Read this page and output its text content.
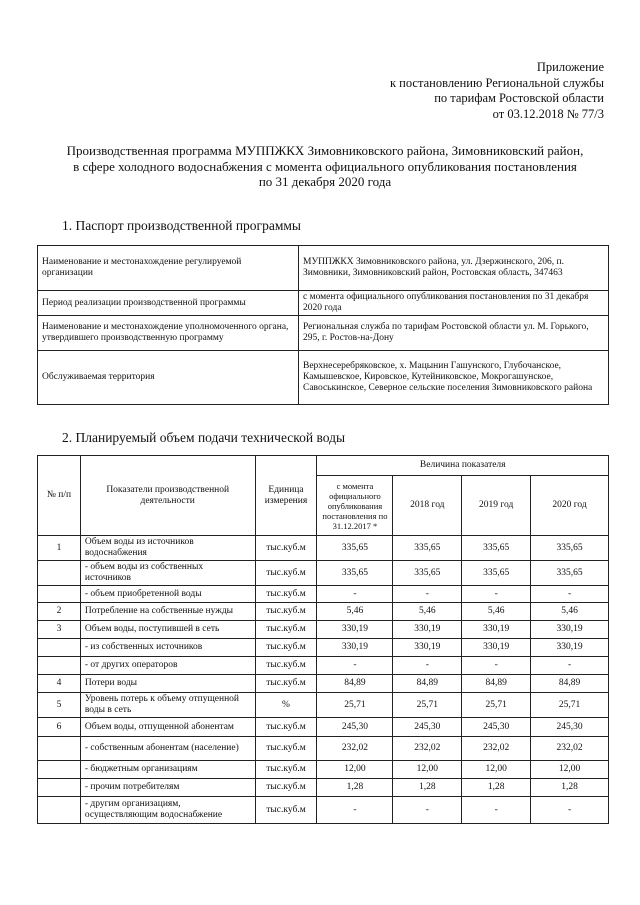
Приложение
к постановлению Региональной службы
по тарифам Ростовской области
от 03.12.2018 № 77/3
Производственная программа МУППЖКХ Зимовниковского района, Зимовниковский район,
в сфере холодного водоснабжения с момента официального опубликования постановления
по 31 декабря 2020 года
1. Паспорт производственной программы
Наименование и местонахождение регулируемой организации	МУППЖКХ Зимовниковского района, ул. Дзержинского, 206, п. Зимовники, Зимовниковский район, Ростовская область, 347463
Период реализации производственной программы	с момента официального опубликования постановления по 31 декабря 2020 года
Наименование и местонахождение уполномоченного органа, утвердившего производственную программу	Региональная служба по тарифам Ростовской области ул. М. Горького, 295, г. Ростов-на-Дону
Обслуживаемая территория	Верхнесеребряковское, х. Мацынин Гашунского, Глубочанское, Камышевское, Кировское, Кутейниковское, Мокрогашунское, Савоськинское, Северное сельские поселения Зимовниковского района
2. Планируемый объем подачи технической воды
№ п/п	Показатели производственной деятельности	Единица измерения	Величина показателя			
			с момента официального опубликования постановления по 31.12.2017 *	2018 год	2019 год	2020 год
1	Объем воды из источников водоснабжения	тыс.куб.м	335,65	335,65	335,65	335,65
	- объем воды из собственных источников	тыс.куб.м	335,65	335,65	335,65	335,65
	- объем приобретенной воды	тыс.куб.м	-	-	-	-
2	Потребление на собственные нужды	тыс.куб.м	5,46	5,46	5,46	5,46
3	Объем воды, поступившей в сеть	тыс.куб.м	330,19	330,19	330,19	330,19
	- из собственных источников	тыс.куб.м	330,19	330,19	330,19	330,19
	- от других операторов	тыс.куб.м	-	-	-	-
4	Потери воды	тыс.куб.м	84,89	84,89	84,89	84,89
5	Уровень потерь к объему отпущенной воды в сеть	%	25,71	25,71	25,71	25,71
6	Объем воды, отпущенной абонентам	тыс.куб.м	245,30	245,30	245,30	245,30
	- собственным абонентам (население)	тыс.куб.м	232,02	232,02	232,02	232,02
	- бюджетным организациям	тыс.куб.м	12,00	12,00	12,00	12,00
	- прочим потребителям	тыс.куб.м	1,28	1,28	1,28	1,28
	- другим организациям, осуществляющим водоснабжение	тыс.куб.м	-	-	-	-
